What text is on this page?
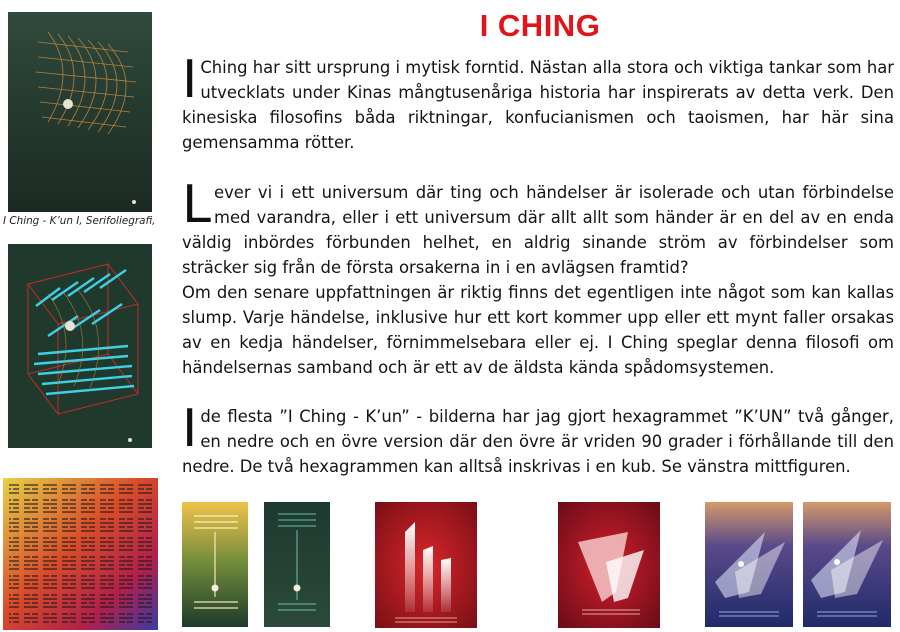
I CHING

I Ching har sitt ursprung i mytisk forntid. Nästan alla stora och viktiga tankar som har utvecklats under Kinas mångtusenåriga historia har inspirerats av detta verk. Den kinesiska filosofins båda riktningar, konfucianismen och taoismen, har här sina gemensamma rötter.

Lever vi i ett universum där ting och händelser är isolerade och utan förbindelse med varandra, eller i ett universum där allt allt som händer är en del av en enda väldig inbördes förbunden helhet, en aldrig sinande ström av förbindelser som sträcker sig från de första orsakerna in i en avlägsen framtid?

Om den senare uppfattningen är riktig finns det egentligen inte något som kan kallas slump. Varje händelse, inklusive hur ett kort kommer upp eller ett mynt faller orsakas av en kedja händelser, förnimmelsebara eller ej. I Ching speglar denna filosofi om händelsernas samband och är ett av de äldsta kända spådomsystemen.

Ide flesta ”I Ching - K’un” - bilderna har jag gjort hexagrammet ”K’UN” två gånger, en nedre och en övre version där den övre är vriden 90 grader i förhållande till den nedre. De två hexagrammen kan alltså inskrivas i en kub. Se vänstra mittfiguren.

I Ching - K’un I, Serifoliegrafi,
